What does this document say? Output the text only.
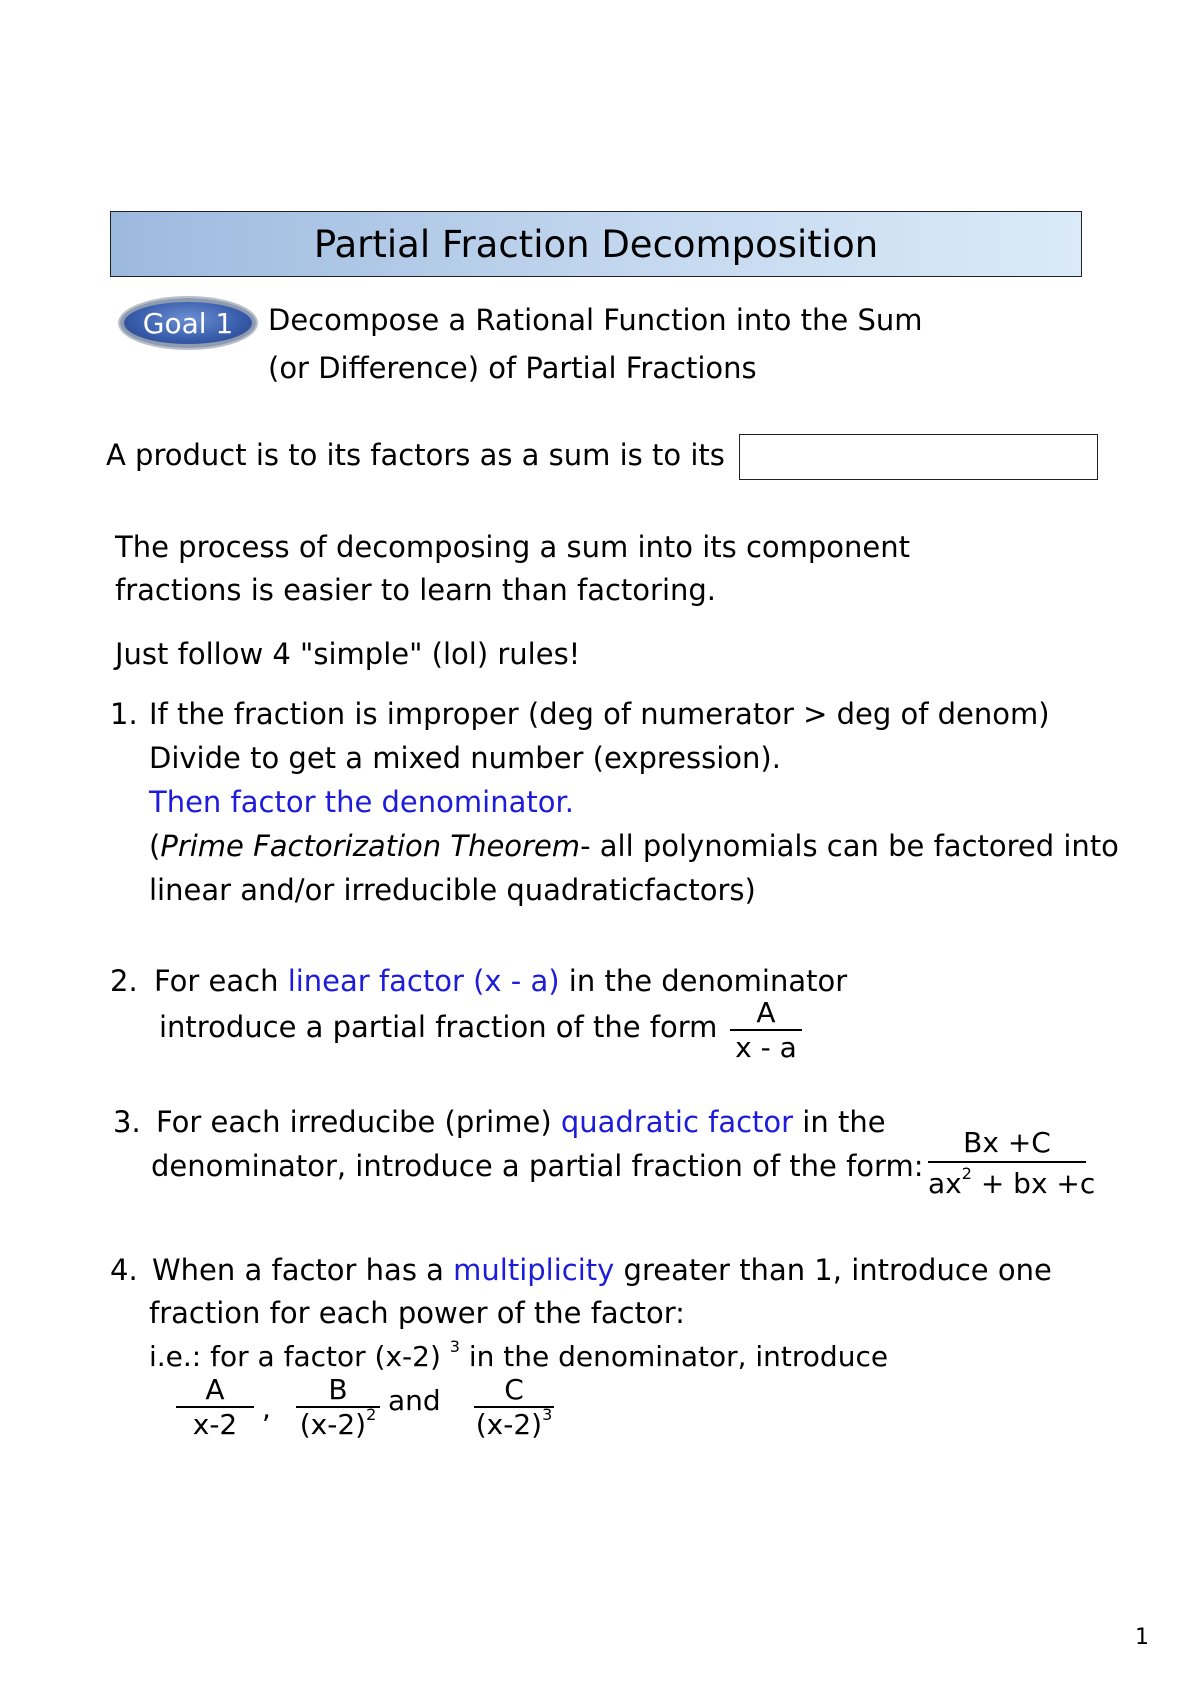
Partial Fraction Decomposition
Goal 1 Decompose a Rational Function into the Sum
(or Difference) of Partial Fractions
A product is to its factors as a sum is to its
The process of decomposing a sum into its component
fractions is easier to learn than factoring.
Just follow 4 "simple" (lol) rules!
1. If the fraction is improper (deg of numerator > deg of denom)
Divide to get a mixed number (expression).
Then factor the denominator.
(Prime Factorization Theorem- all polynomials can be factored into
linear and/or irreducible quadraticfactors)
2. For each linear factor (x - a) in the denominator
introduce a partial fraction of the form	A
x - a
3. For each irreducibe (prime) quadratic factor in the
denominator, introduce a partial fraction of the form:
Bx +C
$ax^2$ + bx +c
4. When a factor has a multiplicity greater than 1, introduce one
fraction for each power of the factor:
i.e.: for a factor (x-2) $^3$ in the denominator, introduce
A
x-2 ,
B
$(x-2)^2$ and	C
$(x-2)^3$
1
